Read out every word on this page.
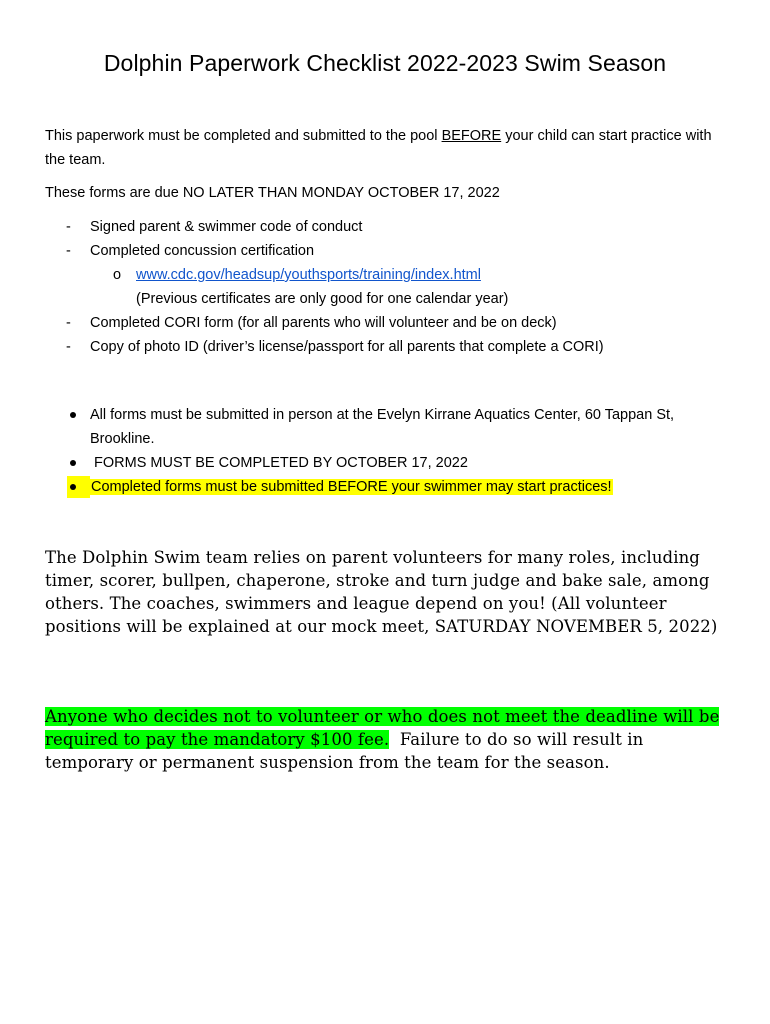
Dolphin Paperwork Checklist 2022-2023 Swim Season
This paperwork must be completed and submitted to the pool BEFORE your child can start practice with the team.
These forms are due NO LATER THAN MONDAY OCTOBER 17, 2022
- Signed parent & swimmer code of conduct
- Completed concussion certification
o www.cdc.gov/headsup/youthsports/training/index.html
(Previous certificates are only good for one calendar year)
- Completed CORI form (for all parents who will volunteer and be on deck)
- Copy of photo ID (driver’s license/passport for all parents that complete a CORI)
All forms must be submitted in person at the Evelyn Kirrane Aquatics Center, 60 Tappan St, Brookline.
FORMS MUST BE COMPLETED BY OCTOBER 17, 2022
Completed forms must be submitted BEFORE your swimmer may start practices!
The Dolphin Swim team relies on parent volunteers for many roles, including timer, scorer, bullpen, chaperone, stroke and turn judge and bake sale, among others. The coaches, swimmers and league depend on you! (All volunteer positions will be explained at our mock meet, SATURDAY NOVEMBER 5, 2022)
Anyone who decides not to volunteer or who does not meet the deadline will be required to pay the mandatory $100 fee.  Failure to do so will result in temporary or permanent suspension from the team for the season.
